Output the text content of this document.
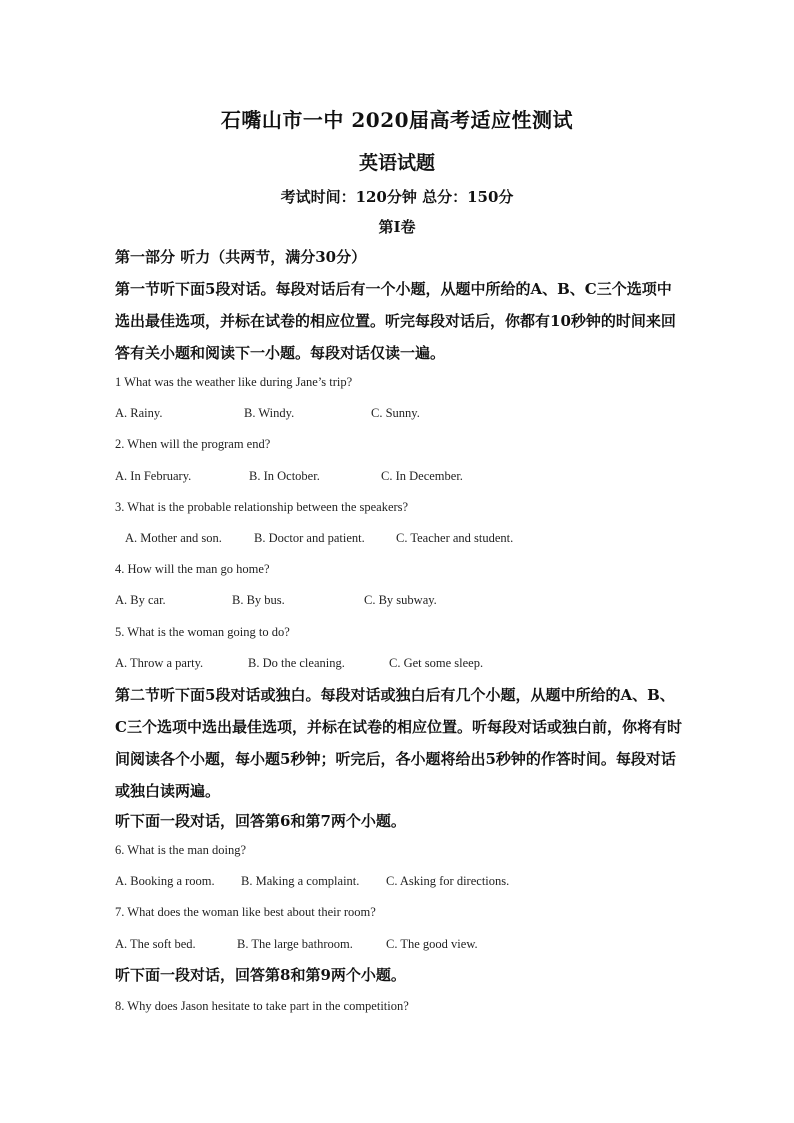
石嘴山市一中 2020届高考适应性测试
英语试题
考试时间：120分钟 总分：150分
第I卷
第一部分 听力（共两节，满分30分）

第一节听下面5段对话。每段对话后有一个小题，从题中所给的A、B、C三个选项中选出最佳选项，并标在试卷的相应位置。听完每段对话后，你都有10秒钟的时间来回答有关小题和阅读下一小题。每段对话仅读一遍。

1 What was the weather like during Jane’s trip?
A. Rainy.	B. Windy.	C. Sunny.
2. When will the program end?
A. In February.	B. In October.	C. In December.
3. What is the probable relationship between the speakers?
A. Mother and son.	B. Doctor and patient.	C. Teacher and student.
4. How will the man go home?
A. By car.	B. By bus.	C. By subway.
5. What is the woman going to do?
A. Throw a party.	B. Do the cleaning.	C. Get some sleep.

第二节听下面5段对话或独白。每段对话或独白后有几个小题，从题中所给的A、B、C三个选项中选出最佳选项，并标在试卷的相应位置。听每段对话或独白前，你将有时间阅读各个小题，每小题5秒钟；听完后，各小题将给出5秒钟的作答时间。每段对话或独白读两遍。

听下面一段对话，回答第6和第7两个小题。
6. What is the man doing?
A. Booking a room. B. Making a complaint. C. Asking for directions.
7. What does the woman like best about their room?
A. The soft bed.	B. The large bathroom.	C. The good view.
听下面一段对话，回答第8和第9两个小题。
8. Why does Jason hesitate to take part in the competition?
